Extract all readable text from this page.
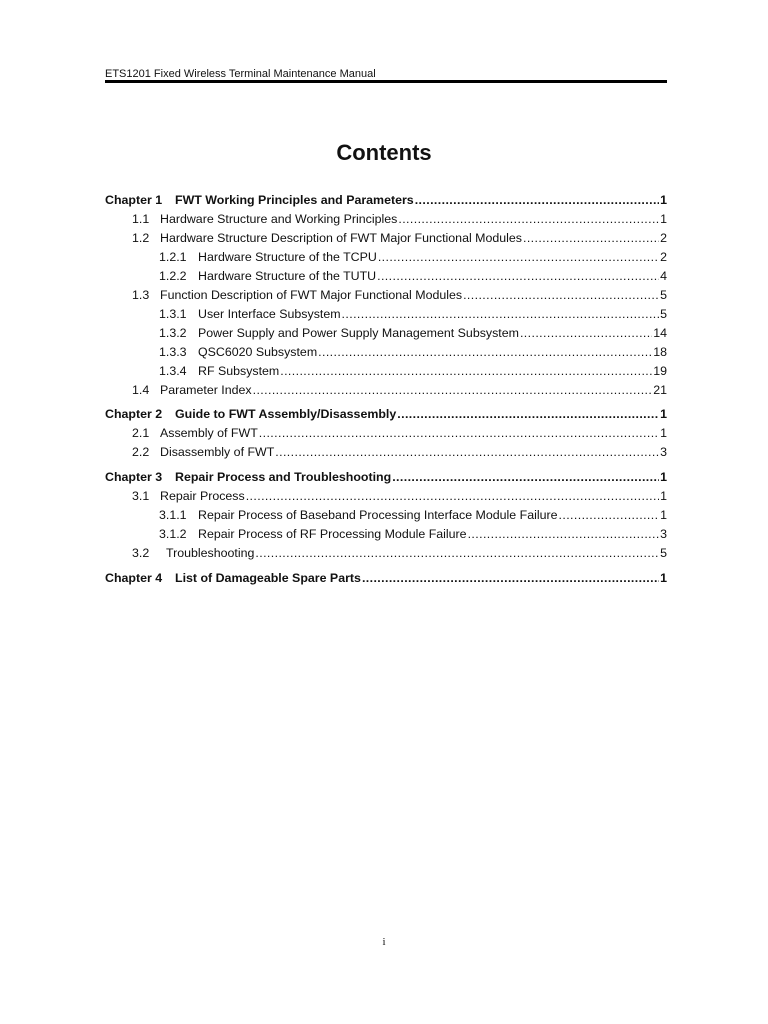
ETS1201 Fixed Wireless Terminal Maintenance Manual
Contents
Chapter 1	FWT Working Principles and Parameters .....	1
1.1 Hardware Structure and Working Principles .....	1
1.2 Hardware Structure Description of FWT Major Functional Modules .....	2
1.2.1 Hardware Structure of the TCPU .....	2
1.2.2 Hardware Structure of the TUTU .....	4
1.3 Function Description of FWT Major Functional Modules .....	5
1.3.1 User Interface Subsystem .....	5
1.3.2 Power Supply and Power Supply Management Subsystem .....	14
1.3.3 QSC6020 Subsystem .....	18
1.3.4 RF Subsystem .....	19
1.4 Parameter Index .....	21
Chapter 2	Guide to FWT Assembly/Disassembly .....	1
2.1 Assembly of FWT .....	1
2.2 Disassembly of FWT .....	3
Chapter 3	Repair Process and Troubleshooting .....	1
3.1 Repair Process .....	1
3.1.1 Repair Process of Baseband Processing Interface Module Failure .....	1
3.1.2 Repair Process of RF Processing Module Failure .....	3
3.2	Troubleshooting .....	5
Chapter 4	List of Damageable Spare Parts .....	1
i
